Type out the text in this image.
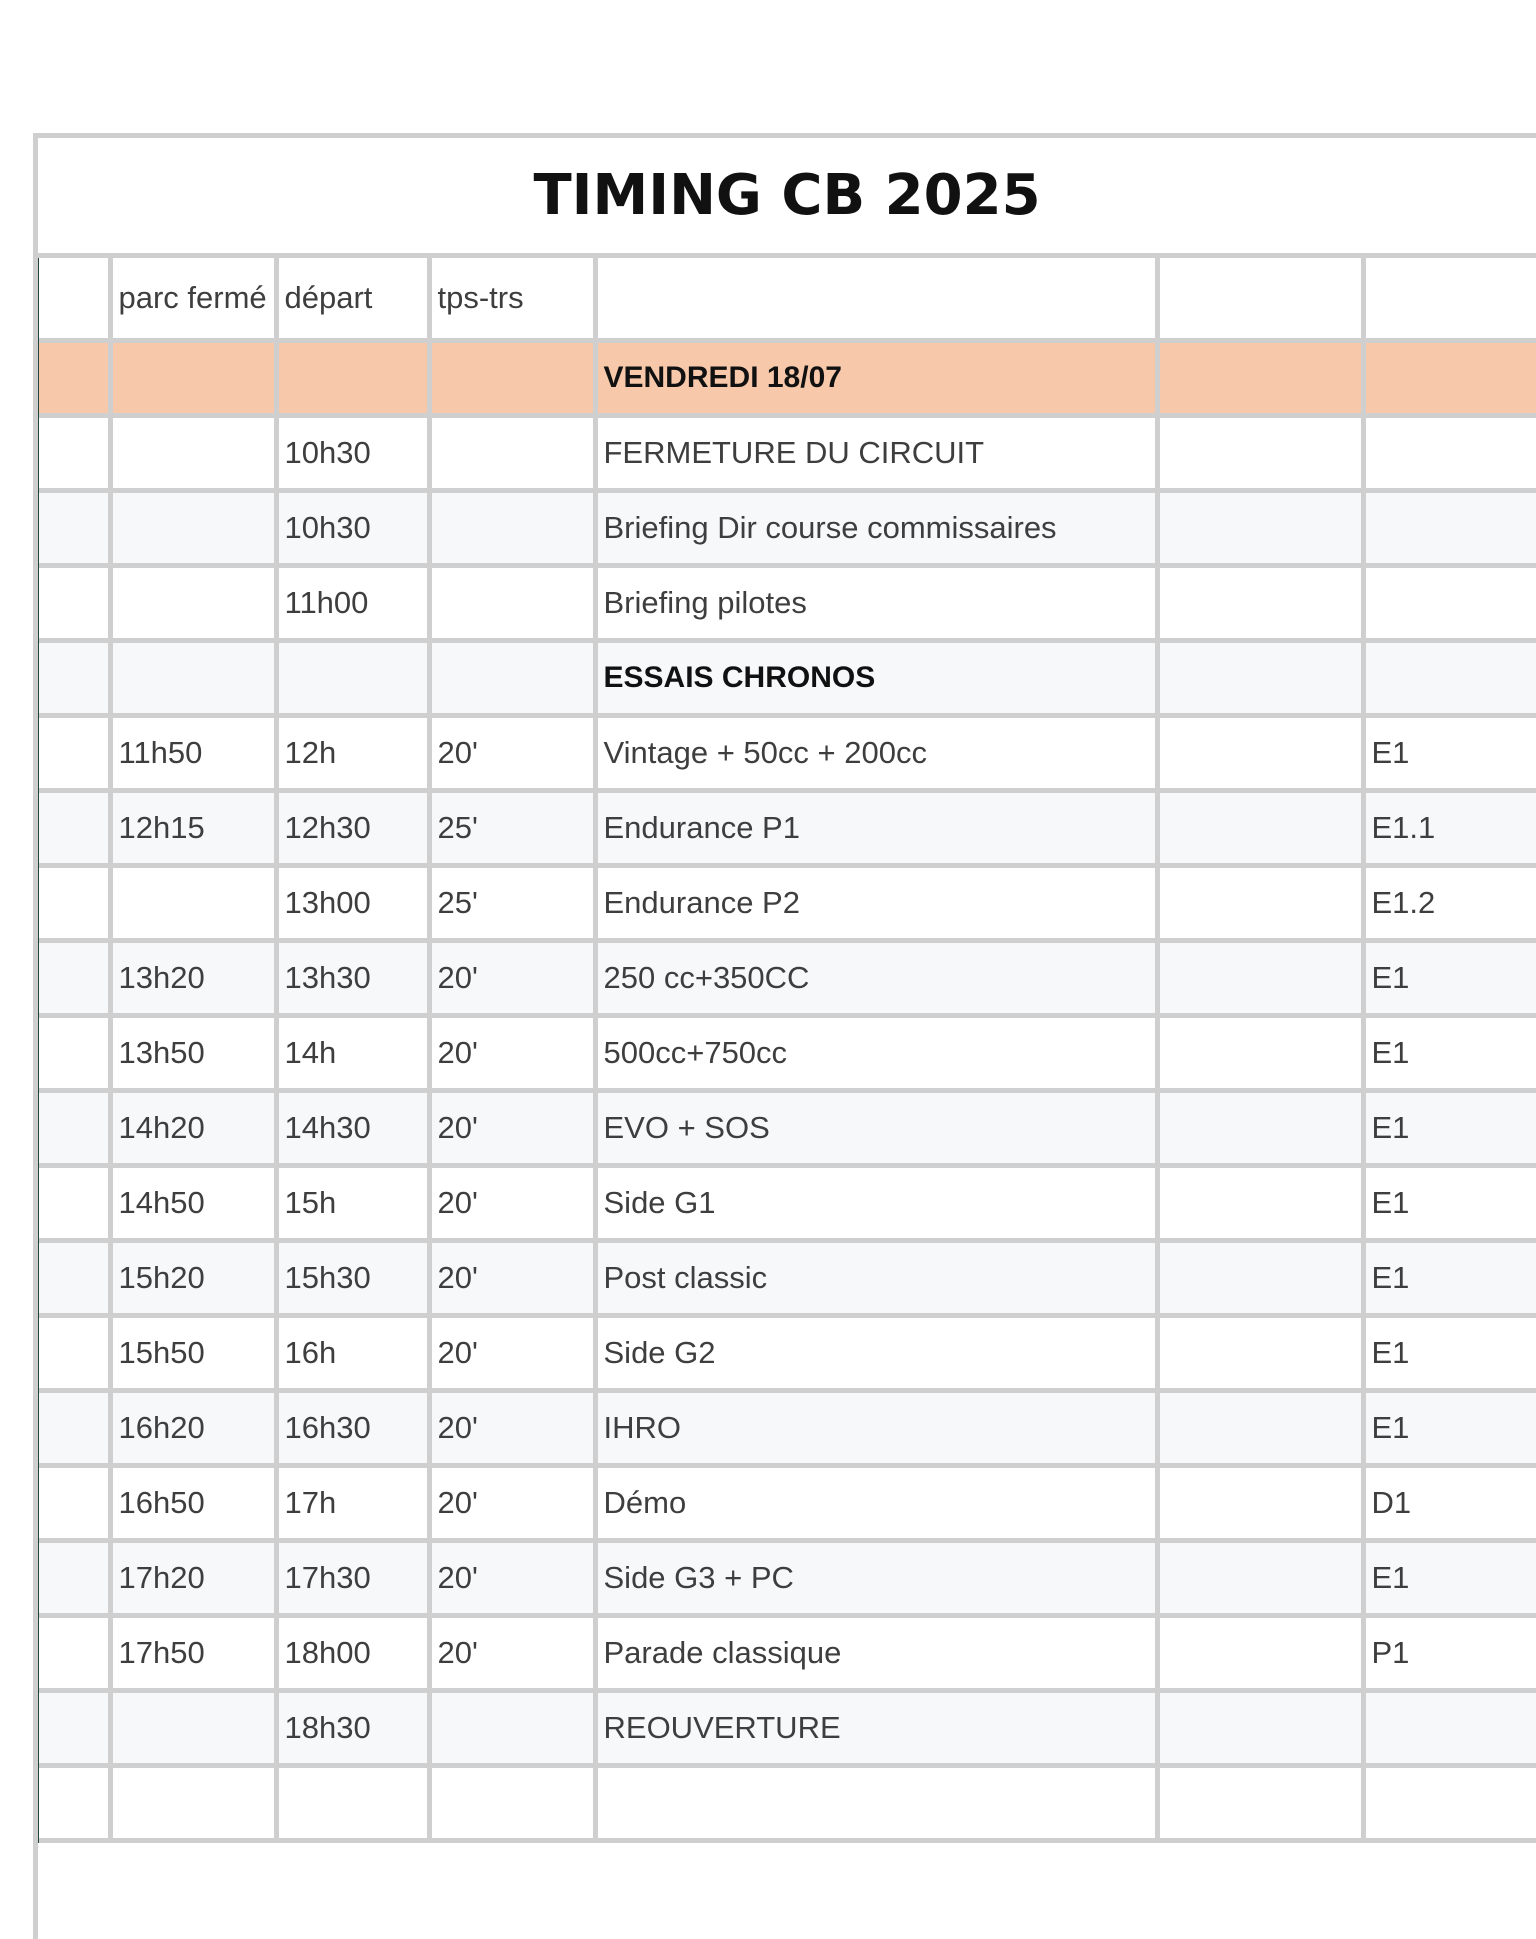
TIMING CB 2025
	parc fermé	départ	tps-trs			
				VENDREDI 18/07		
		10h30		FERMETURE DU CIRCUIT		
		10h30		Briefing Dir course commissaires		
		11h00		Briefing pilotes		
				ESSAIS CHRONOS		
	11h50	12h	20'	Vintage + 50cc + 200cc		E1
	12h15	12h30	25'	Endurance P1		E1.1
		13h00	25'	Endurance P2		E1.2
	13h20	13h30	20'	250 cc+350CC		E1
	13h50	14h	20'	500cc+750cc		E1
	14h20	14h30	20'	EVO + SOS		E1
	14h50	15h	20'	Side G1		E1
	15h20	15h30	20'	Post classic		E1
	15h50	16h	20'	Side G2		E1
	16h20	16h30	20'	IHRO		E1
	16h50	17h	20'	Démo		D1
	17h20	17h30	20'	Side G3 + PC		E1
	17h50	18h00	20'	Parade classique		P1
		18h30		REOUVERTURE		
